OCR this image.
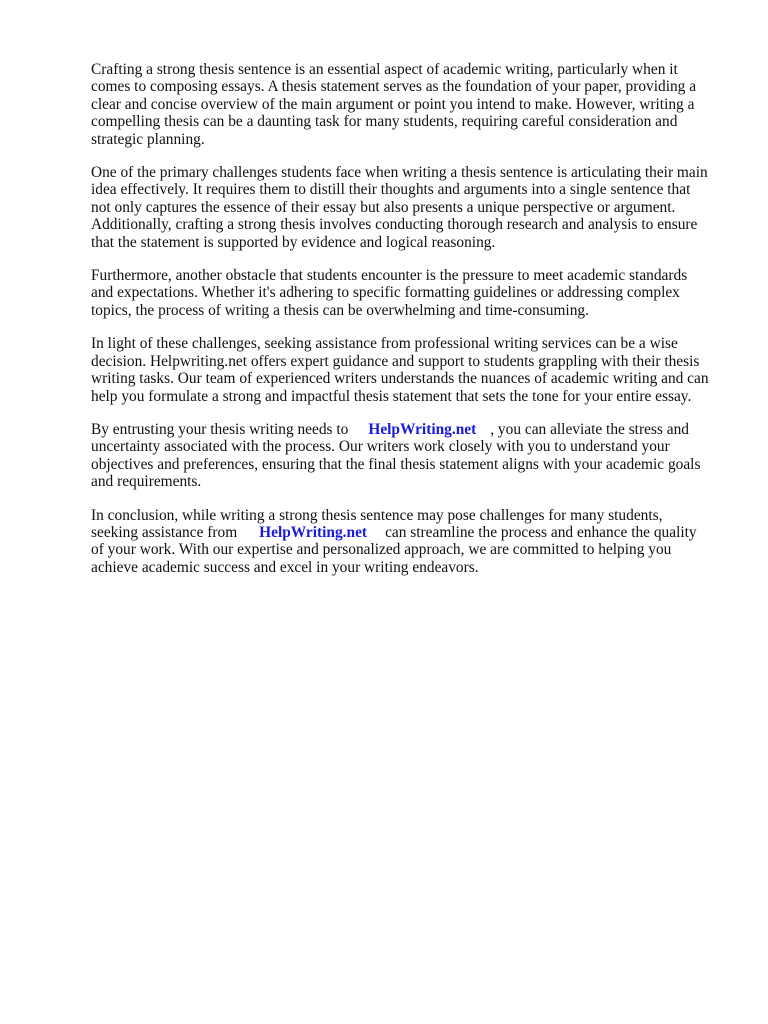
Crafting a strong thesis sentence is an essential aspect of academic writing, particularly when it comes to composing essays. A thesis statement serves as the foundation of your paper, providing a clear and concise overview of the main argument or point you intend to make. However, writing a compelling thesis can be a daunting task for many students, requiring careful consideration and strategic planning.

One of the primary challenges students face when writing a thesis sentence is articulating their main idea effectively. It requires them to distill their thoughts and arguments into a single sentence that not only captures the essence of their essay but also presents a unique perspective or argument. Additionally, crafting a strong thesis involves conducting thorough research and analysis to ensure that the statement is supported by evidence and logical reasoning.

Furthermore, another obstacle that students encounter is the pressure to meet academic standards and expectations. Whether it's adhering to specific formatting guidelines or addressing complex topics, the process of writing a thesis can be overwhelming and time-consuming.

In light of these challenges, seeking assistance from professional writing services can be a wise decision. Helpwriting.net offers expert guidance and support to students grappling with their thesis writing tasks. Our team of experienced writers understands the nuances of academic writing and can help you formulate a strong and impactful thesis statement that sets the tone for your entire essay.

By entrusting your thesis writing needs to HelpWriting.net , you can alleviate the stress and uncertainty associated with the process. Our writers work closely with you to understand your objectives and preferences, ensuring that the final thesis statement aligns with your academic goals and requirements.

In conclusion, while writing a strong thesis sentence may pose challenges for many students, seeking assistance from HelpWriting.net can streamline the process and enhance the quality of your work. With our expertise and personalized approach, we are committed to helping you achieve academic success and excel in your writing endeavors.
